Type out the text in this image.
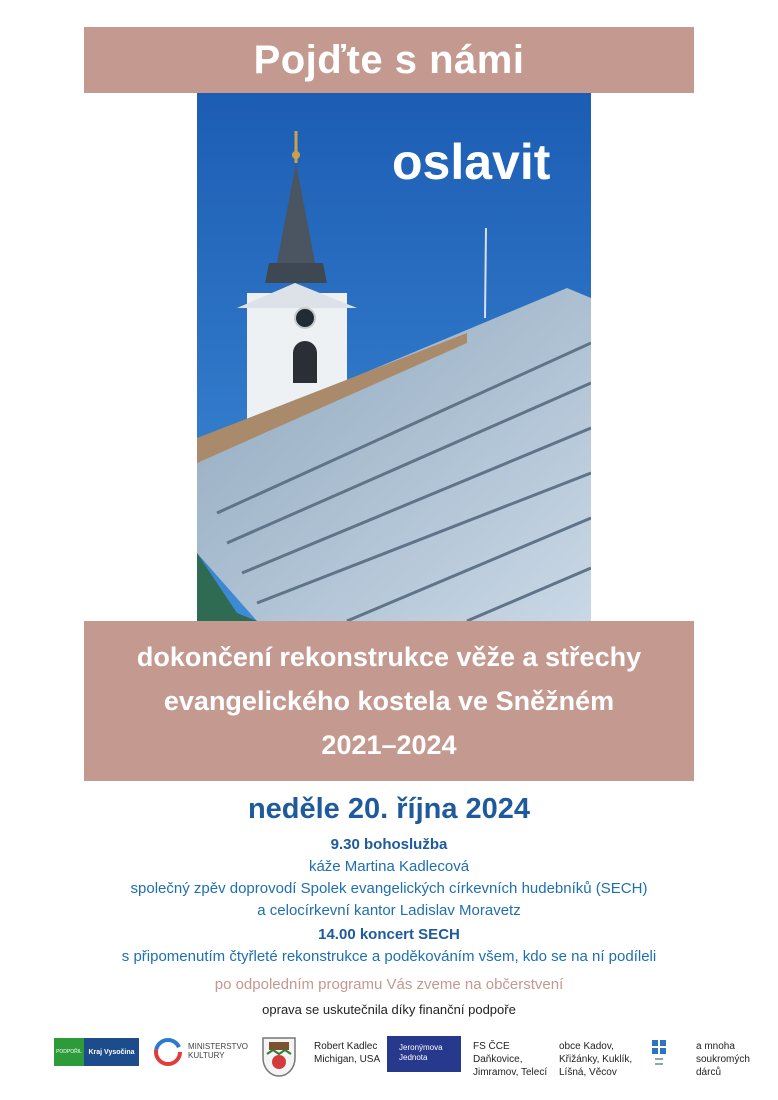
Pojďte s námi
oslavit
dokončení rekonstrukce věže a střechy
evangelického kostela ve Sněžném
2021–2024
neděle 20. října 2024
9.30 bohoslužba
káže Martina Kadlecová
společný zpěv doprovodí Spolek evangelických církevních hudebníků (SECH)
a celocírkevní kantor Ladislav Moravetz
14.00 koncert SECH
s připomenutím čtyřleté rekonstrukce a poděkováním všem, kdo se na ní podíleli
po odpoledním programu Vás zveme na občerstvení
oprava se uskutečnila díky finanční podpoře
PODPOŘIL Kraj Vysočina
MINISTERSTVO
KULTURY
Robert Kadlec
Michigan, USA
Jeronýmova
Jednota
FS ČCE
Daňkovice,
Jimramov, Telecí
obce Kadov,
Křižánky, Kuklík,
Líšná, Věcov
a mnoha
soukromých
dárců
